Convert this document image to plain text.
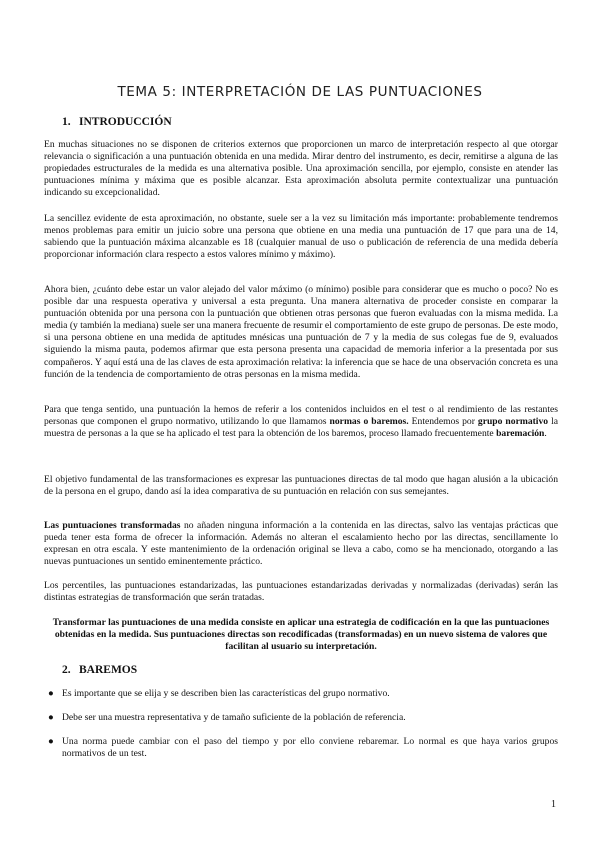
TEMA 5: INTERPRETACIÓN DE LAS PUNTUACIONES
1. INTRODUCCIÓN

En muchas situaciones no se disponen de criterios externos que proporcionen un marco de interpretación respecto al que otorgar relevancia o significación a una puntuación obtenida en una medida. Mirar dentro del instrumento, es decir, remitirse a alguna de las propiedades estructurales de la medida es una alternativa posible. Una aproximación sencilla, por ejemplo, consiste en atender las puntuaciones mínima y máxima que es posible alcanzar. Esta aproximación absoluta permite contextualizar una puntuación indicando su excepcionalidad.

La sencillez evidente de esta aproximación, no obstante, suele ser a la vez su limitación más importante: probablemente tendremos menos problemas para emitir un juicio sobre una persona que obtiene en una media una puntuación de 17 que para una de 14, sabiendo que la puntuación máxima alcanzable es 18 (cualquier manual de uso o publicación de referencia de una medida debería proporcionar información clara respecto a estos valores mínimo y máximo).

Ahora bien, ¿cuánto debe estar un valor alejado del valor máximo (o mínimo) posible para considerar que es mucho o poco? No es posible dar una respuesta operativa y universal a esta pregunta. Una manera alternativa de proceder consiste en comparar la puntuación obtenida por una persona con la puntuación que obtienen otras personas que fueron evaluadas con la misma medida. La media (y también la mediana) suele ser una manera frecuente de resumir el comportamiento de este grupo de personas. De este modo, si una persona obtiene en una medida de aptitudes mnésicas una puntuación de 7 y la media de sus colegas fue de 9, evaluados siguiendo la misma pauta, podemos afirmar que esta persona presenta una capacidad de memoria inferior a la presentada por sus compañeros. Y aquí está una de las claves de esta aproximación relativa: la inferencia que se hace de una observación concreta es una función de la tendencia de comportamiento de otras personas en la misma medida.

Para que tenga sentido, una puntuación la hemos de referir a los contenidos incluidos en el test o al rendimiento de las restantes personas que componen el grupo normativo, utilizando lo que llamamos normas o baremos. Entendemos por grupo normativo la muestra de personas a la que se ha aplicado el test para la obtención de los baremos, proceso llamado frecuentemente baremación.

El objetivo fundamental de las transformaciones es expresar las puntuaciones directas de tal modo que hagan alusión a la ubicación de la persona en el grupo, dando así la idea comparativa de su puntuación en relación con sus semejantes.

Las puntuaciones transformadas no añaden ninguna información a la contenida en las directas, salvo las ventajas prácticas que pueda tener esta forma de ofrecer la información. Además no alteran el escalamiento hecho por las directas, sencillamente lo expresan en otra escala. Y este mantenimiento de la ordenación original se lleva a cabo, como se ha mencionado, otorgando a las nuevas puntuaciones un sentido eminentemente práctico.

Los percentiles, las puntuaciones estandarizadas, las puntuaciones estandarizadas derivadas y normalizadas (derivadas) serán las distintas estrategias de transformación que serán tratadas.

Transformar las puntuaciones de una medida consiste en aplicar una estrategia de codificación en la que las puntuaciones obtenidas en la medida. Sus puntuaciones directas son recodificadas (transformadas) en un nuevo sistema de valores que facilitan al usuario su interpretación.

2. BAREMOS
● Es importante que se elija y se describen bien las características del grupo normativo.
● Debe ser una muestra representativa y de tamaño suficiente de la población de referencia.
● Una norma puede cambiar con el paso del tiempo y por ello conviene rebaremar. Lo normal es que haya varios grupos normativos de un test.
1
